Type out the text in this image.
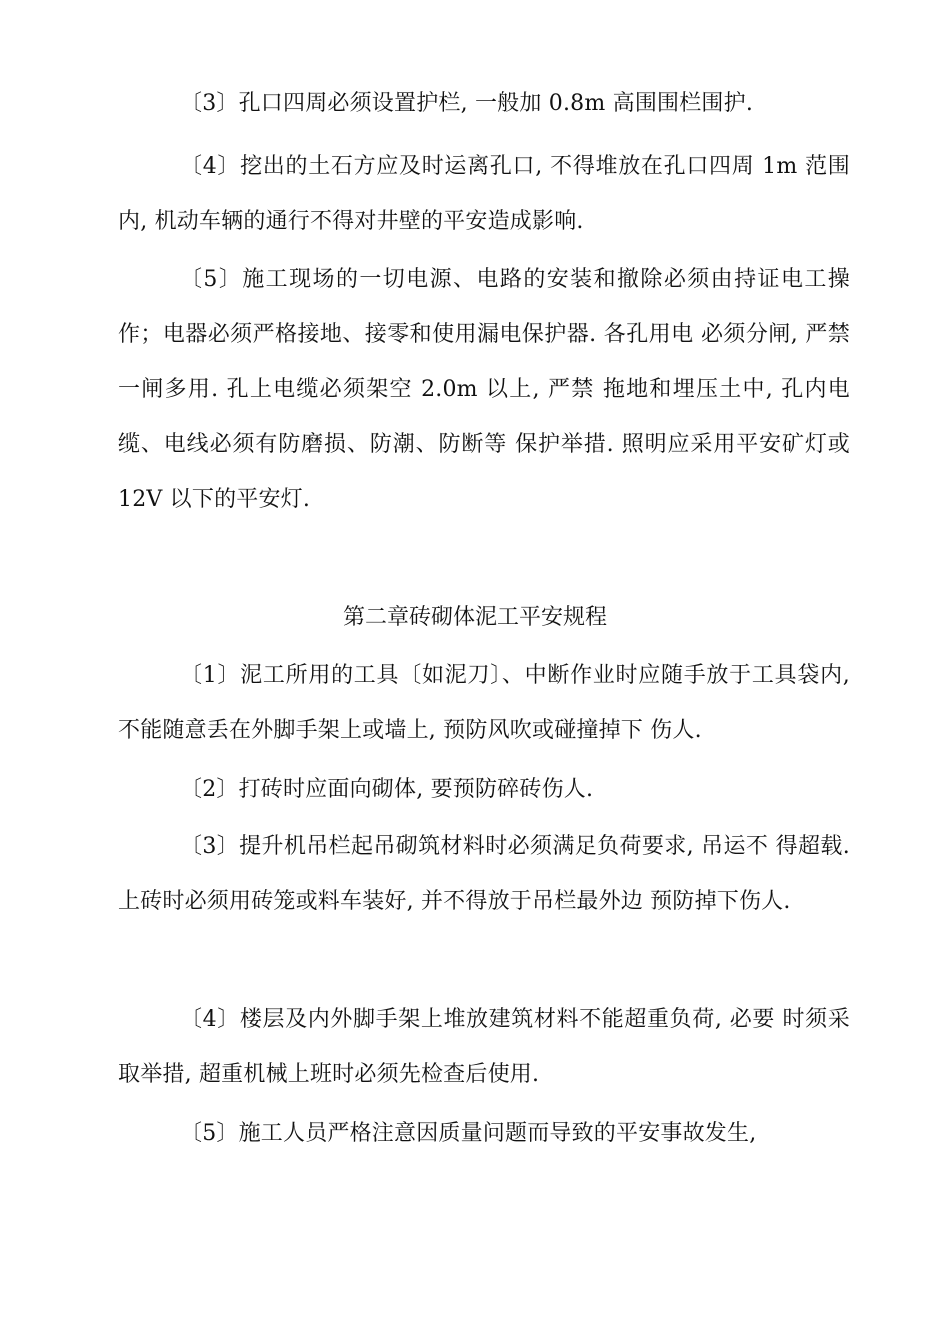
〔3〕孔口四周必须设置护栏, 一般加 0.8m 高围围栏围护.

〔4〕挖出的土石方应及时运离孔口, 不得堆放在孔口四周 1m 范围内, 机动车辆的通行不得对井壁的平安造成影响.

〔5〕施工现场的一切电源、电路的安装和撤除必须由持证电工操作；电器必须严格接地、接零和使用漏电保护器. 各孔用电 必须分闸, 严禁一闸多用. 孔上电缆必须架空 2.0m 以上, 严禁 拖地和埋压土中, 孔内电缆、电线必须有防磨损、防潮、防断等 保护举措. 照明应采用平安矿灯或 12V 以下的平安灯.

第二章砖砌体泥工平安规程

〔1〕泥工所用的工具〔如泥刀〕、中断作业时应随手放于工具袋内, 不能随意丢在外脚手架上或墙上, 预防风吹或碰撞掉下 伤人.

〔2〕打砖时应面向砌体, 要预防碎砖伤人.

〔3〕提升机吊栏起吊砌筑材料时必须满足负荷要求, 吊运不 得超载. 上砖时必须用砖笼或料车装好, 并不得放于吊栏最外边 预防掉下伤人.

〔4〕楼层及内外脚手架上堆放建筑材料不能超重负荷, 必要 时须采取举措, 超重机械上班时必须先检查后使用.

〔5〕施工人员严格注意因质量问题而导致的平安事故发生,
